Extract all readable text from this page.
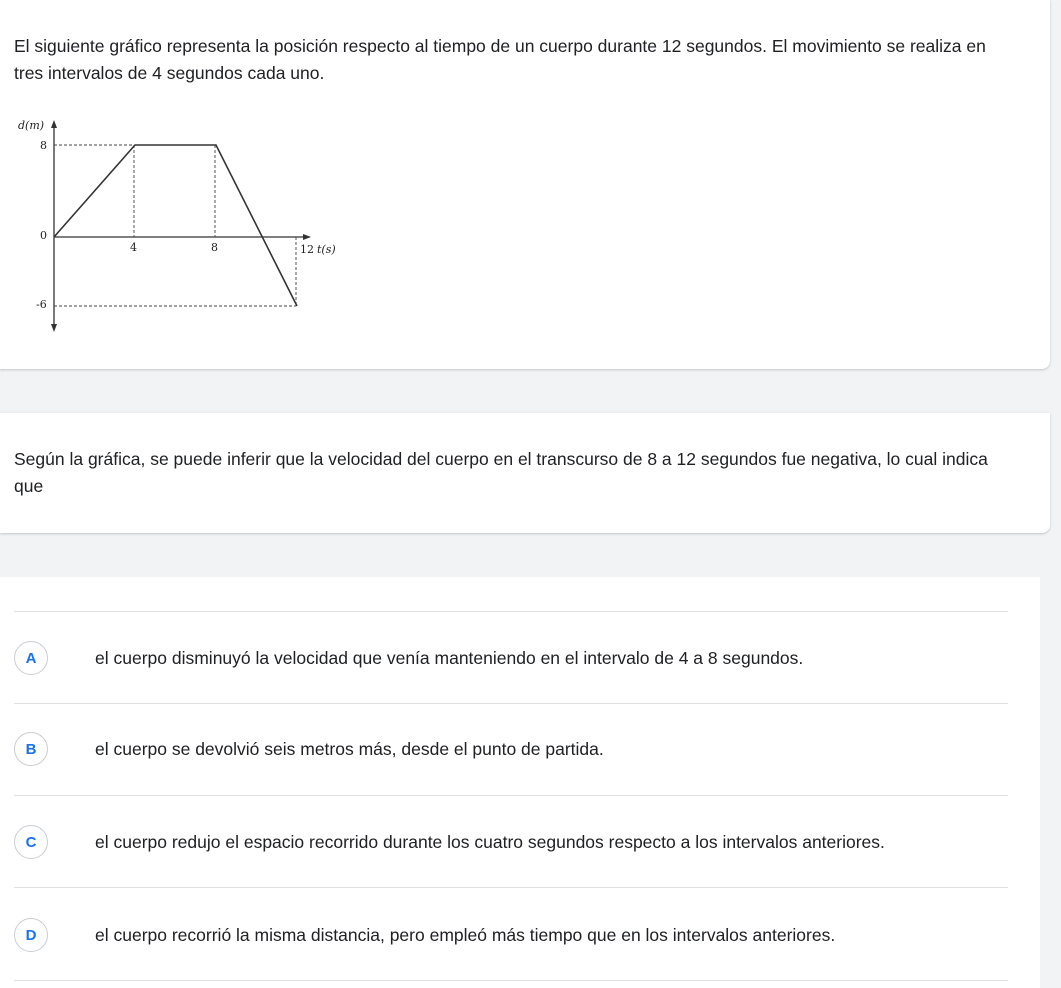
El siguiente gráfico representa la posición respecto al tiempo de un cuerpo durante 12 segundos. El movimiento se realiza en tres intervalos de 4 segundos cada uno.
d(m)
8
0
-6
4	8	12 t(s)
Según la gráfica, se puede inferir que la velocidad del cuerpo en el transcurso de 8 a 12 segundos fue negativa, lo cual indica que
A	el cuerpo disminuyó la velocidad que venía manteniendo en el intervalo de 4 a 8 segundos.
B	el cuerpo se devolvió seis metros más, desde el punto de partida.
C	el cuerpo redujo el espacio recorrido durante los cuatro segundos respecto a los intervalos anteriores.
D	el cuerpo recorrió la misma distancia, pero empleó más tiempo que en los intervalos anteriores.
